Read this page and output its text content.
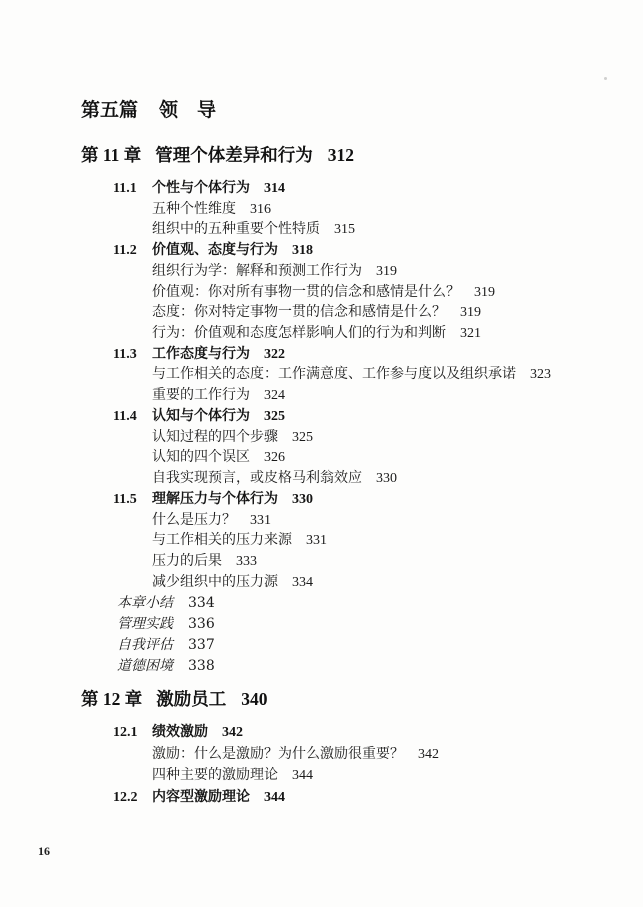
第五篇 领　导
第 11 章 管理个体差异和行为 312
11.1 个性与个体行为 314
五种个性维度 316
组织中的五种重要个性特质 315
11.2 价值观、态度与行为 318
组织行为学：解释和预测工作行为 319
价值观：你对所有事物一贯的信念和感情是什么？ 319
态度：你对特定事物一贯的信念和感情是什么？ 319
行为：价值观和态度怎样影响人们的行为和判断 321
11.3 工作态度与行为 322
与工作相关的态度：工作满意度、工作参与度以及组织承诺 323
重要的工作行为 324
11.4 认知与个体行为 325
认知过程的四个步骤 325
认知的四个误区 326
自我实现预言，或皮格马利翁效应 330
11.5 理解压力与个体行为 330
什么是压力？ 331
与工作相关的压力来源 331
压力的后果 333
减少组织中的压力源 334
本章小结 334
管理实践 336
自我评估 337
道德困境 338
第 12 章 激励员工 340
12.1 绩效激励 342
激励：什么是激励？为什么激励很重要？ 342
四种主要的激励理论 344
12.2 内容型激励理论 344
16
